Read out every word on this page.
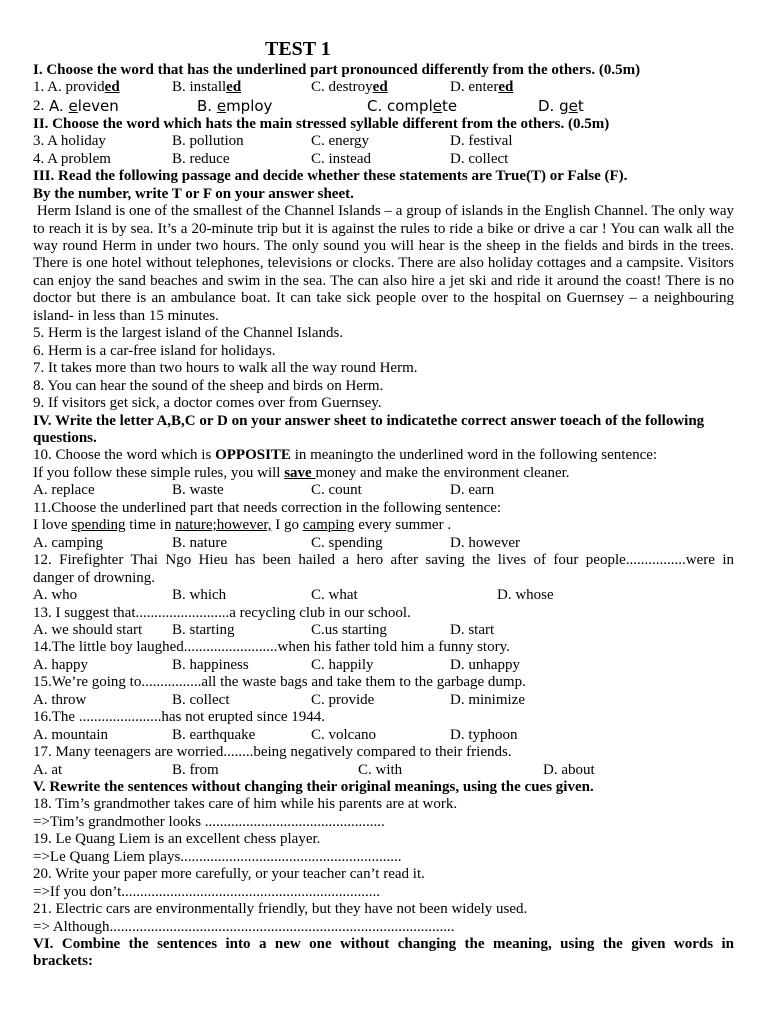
TEST 1
I. Choose the word that has the underlined part pronounced differently from the others. (0.5m)
1. A. provided	B. installed	C. destroyed	D. entered
2. A. eleven	B. employ	C. complete	D. get
II. Choose the word which hats the main stressed syllable different from the others. (0.5m)
3. A holiday	B. pollution	C. energy	D. festival
4. A problem	B. reduce	C. instead	D. collect
III. Read the following passage and decide whether these statements are True(T) or False (F).
By the number, write T or F on your answer sheet.
Herm Island is one of the smallest of the Channel Islands – a group of islands in the English Channel. The only way to reach it is by sea. It’s a 20-minute trip but it is against the rules to ride a bike or drive a car ! You can walk all the way round Herm in under two hours. The only sound you will hear is the sheep in the fields and birds in the trees. There is one hotel without telephones, televisions or clocks. There are also holiday cottages and a campsite. Visitors can enjoy the sand beaches and swim in the sea. The can also hire a jet ski and ride it around the coast! There is no doctor but there is an ambulance boat. It can take sick people over to the hospital on Guernsey – a neighbouring island- in less than 15 minutes.
5. Herm is the largest island of the Channel Islands.
6. Herm is a car-free island for holidays.
7. It takes more than two hours to walk all the way round Herm.
8. You can hear the sound of the sheep and birds on Herm.
9. If visitors get sick, a doctor comes over from Guernsey.
IV. Write the letter A,B,C or D on your answer sheet to indicatethe correct answer toeach of the following questions.
10. Choose the word which is OPPOSITE in meaningto the underlined word in the following sentence:
If you follow these simple rules, you will save money and make the environment cleaner.
A. replace	B. waste	C. count	D. earn
11.Choose the underlined part that needs correction in the following sentence:
I love spending time in nature;however, I go camping every summer .
A. camping	B. nature	C. spending	D. however
12. Firefighter Thai Ngo Hieu has been hailed a hero after saving the lives of four people................were in
danger of drowning.
A. who	B. which	C. what	D. whose
13. I suggest that.........................a recycling club in our school.
A. we should start B. starting	C.us starting	D. start
14.The little boy laughed.........................when his father told him a funny story.
A. happy	B. happiness	C. happily	D. unhappy
15.We’re going to................all the waste bags and take them to the garbage dump.
A. throw	B. collect	C. provide	D. minimize
16.The ......................has not erupted since 1944.
A. mountain	B. earthquake	C. volcano	D. typhoon
17. Many teenagers are worried........being negatively compared to their friends.
A. at	B. from	C. with	D. about
V. Rewrite the sentences without changing their original meanings, using the cues given.
18. Tim’s grandmother takes care of him while his parents are at work.
=>Tim’s grandmother looks ................................................
19. Le Quang Liem is an excellent chess player.
=>Le Quang Liem plays...........................................................
20. Write your paper more carefully, or your teacher can’t read it.
=>If you don’t.....................................................................
21. Electric cars are environmentally friendly, but they have not been widely used.
=> Although............................................................................................
VI. Combine the sentences into a new one without changing the meaning, using the given words in
brackets:
